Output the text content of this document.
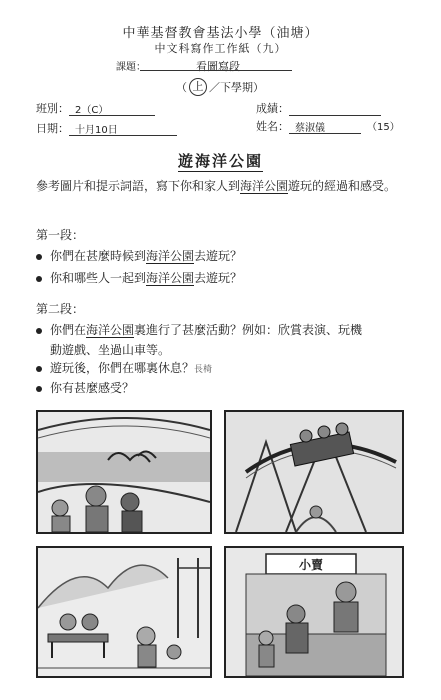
中華基督教會基法小學（油塘）
中文科寫作工作紙（九）
課題：	看圖寫段
（ 上 ／下學期）
班別： 2（C）	成績：
日期： 十月10日	姓名： 蔡淑儀	（15）
遊海洋公園
參考圖片和提示詞語，寫下你和家人到海洋公園遊玩的經過和感受。
第一段：
你們在甚麼時候到海洋公園去遊玩？
你和哪些人一起到海洋公園去遊玩？
第二段：
你們在海洋公園裏進行了甚麼活動？例如：欣賞表演、玩機
動遊戲、坐過山車等。
遊玩後，你們在哪裏休息？長椅
你有甚麼感受？
小賣
